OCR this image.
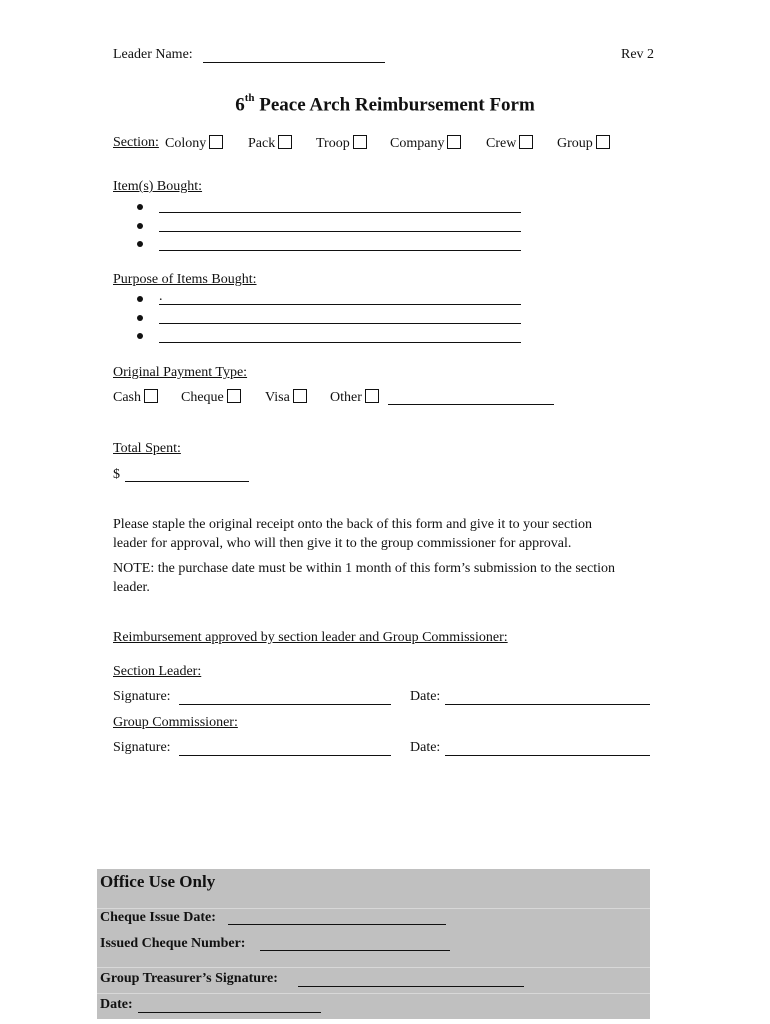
Leader Name:	Rev 2
6th Peace Arch Reimbursement Form
Section: Colony	Pack	Troop	Company	Crew	Group
Item(s) Bought:
Purpose of Items Bought:
.
Original Payment Type:
Cash	Cheque	Visa	Other
Total Spent:
$
Please staple the original receipt onto the back of this form and give it to your section
leader for approval, who will then give it to the group commissioner for approval.
NOTE: the purchase date must be within 1 month of this form’s submission to the section
leader.
Reimbursement approved by section leader and Group Commissioner:
Section Leader:
Signature:	Date:
Group Commissioner:
Signature:	Date:
Office Use Only
Cheque Issue Date:
Issued Cheque Number:
Group Treasurer’s Signature:
Date:
